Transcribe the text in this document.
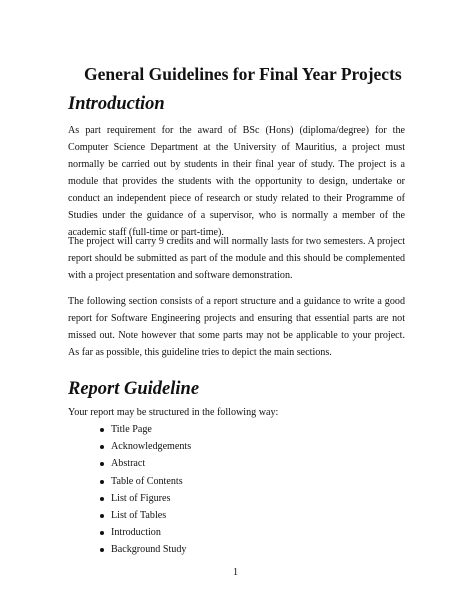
General Guidelines for Final Year Projects
Introduction

As part requirement for the award of BSc (Hons) (diploma/degree) for the Computer Science Department at the University of Mauritius, a project must normally be carried out by students in their final year of study. The project is a module that provides the students with the opportunity to design, undertake or conduct an independent piece of research or study related to their Programme of Studies under the guidance of a supervisor, who is normally a member of the academic staff (full-time or part-time).

The project will carry 9 credits and will normally lasts for two semesters. A project report should be submitted as part of the module and this should be complemented with a project presentation and software demonstration.

The following section consists of a report structure and a guidance to write a good report for Software Engineering projects and ensuring that essential parts are not missed out. Note however that some parts may not be applicable to your project. As far as possible, this guideline tries to depict the main sections.

Report Guideline

Your report may be structured in the following way:

Title Page
Acknowledgements
Abstract
Table of Contents
List of Figures
List of Tables
Introduction
Background Study

1
